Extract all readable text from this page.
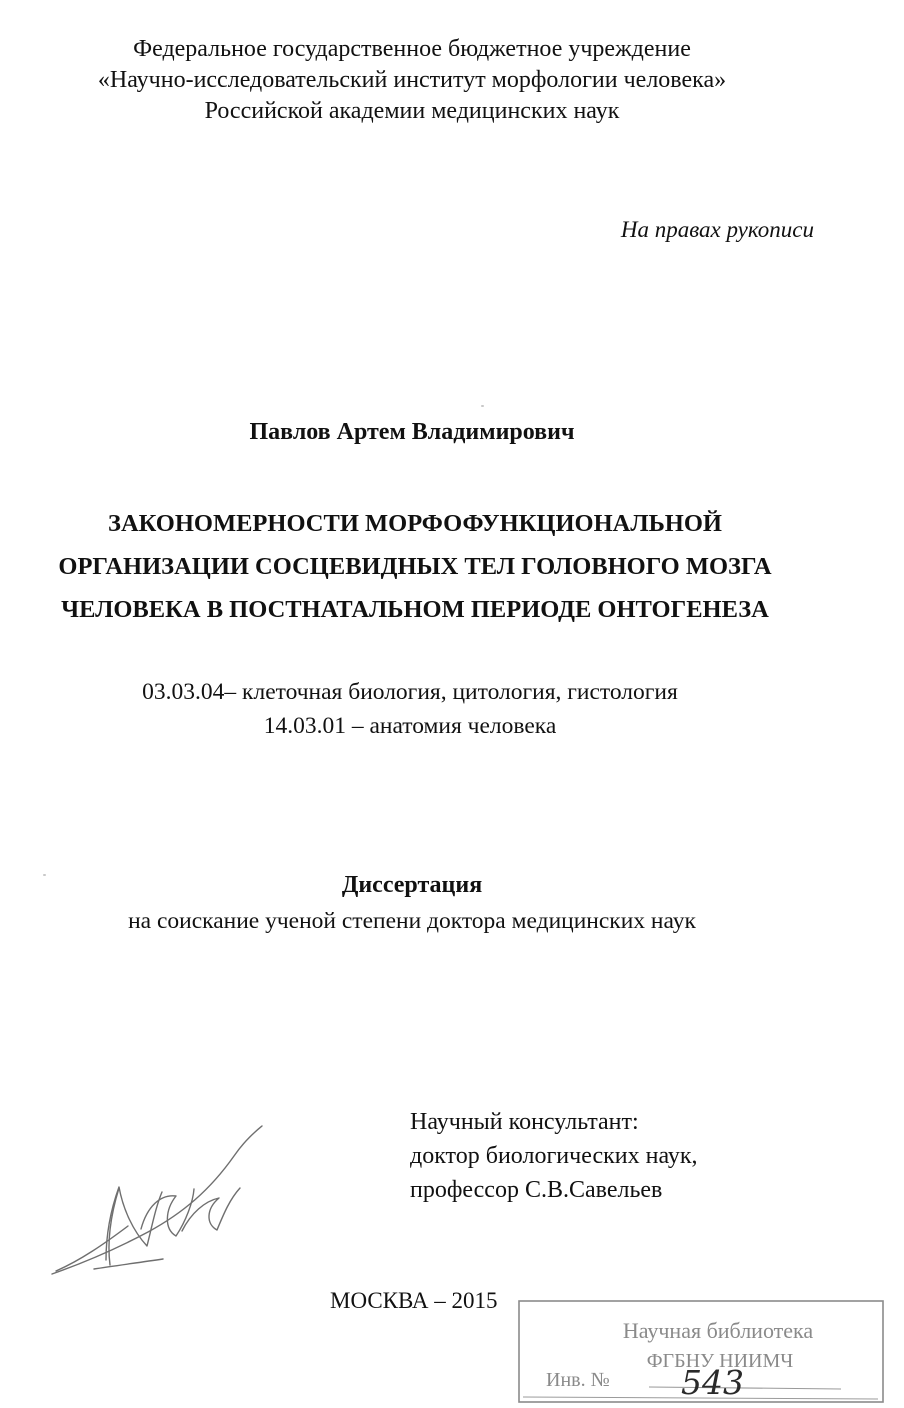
Федеральное государственное бюджетное учреждение
«Научно-исследовательский институт морфологии человека»
Российской академии медицинских наук
На правах рукописи
Павлов Артем Владимирович
ЗАКОНОМЕРНОСТИ МОРФОФУНКЦИОНАЛЬНОЙ
ОРГАНИЗАЦИИ СОСЦЕВИДНЫХ ТЕЛ ГОЛОВНОГО МОЗГА
ЧЕЛОВЕКА В ПОСТНАТАЛЬНОМ ПЕРИОДЕ ОНТОГЕНЕЗА
03.03.04– клеточная биология, цитология, гистология
14.03.01 – анатомия человека
Диссертация
на соискание ученой степени доктора медицинских наук
Научный консультант:
доктор биологических наук,
профессор С.В.Савельев
МОСКВА – 2015
Научная библиотека
ФГБНУ НИИМЧ
Инв. № 543
